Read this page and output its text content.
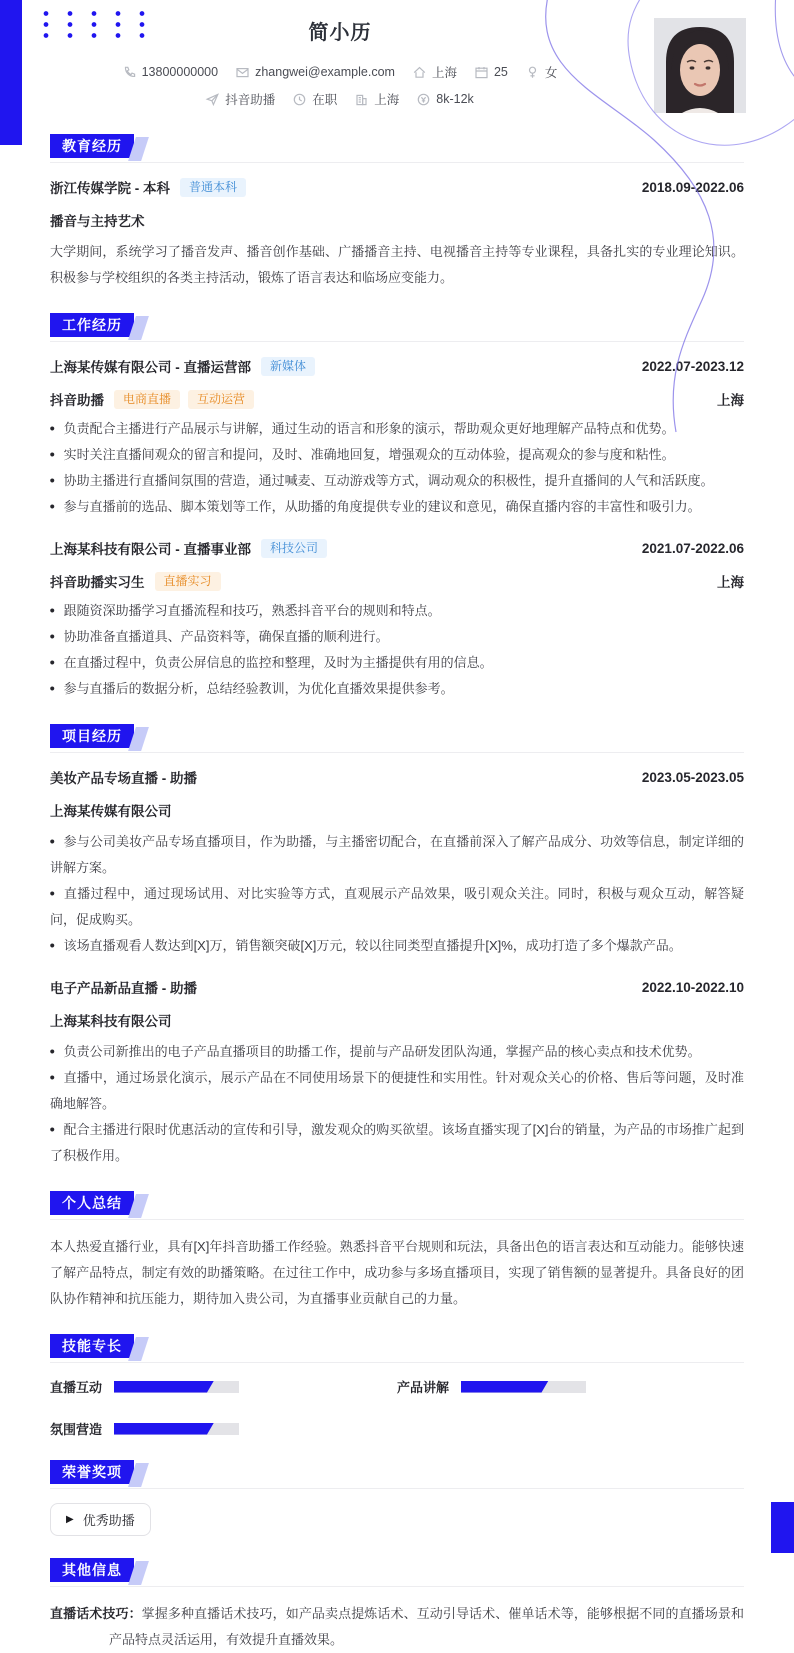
简小历
13800000000	zhangwei@example.com	上海	25	女
抖音助播	在职	上海	8k-12k
教育经历
浙江传媒学院 - 本科	普通本科	2018.09-2022.06
播音与主持艺术
大学期间，系统学习了播音发声、播音创作基础、广播播音主持、电视播音主持等专业课程，具备扎实的专业理论知识。积极参与学校组织的各类主持活动，锻炼了语言表达和临场应变能力。
工作经历
上海某传媒有限公司 - 直播运营部	新媒体	2022.07-2023.12
抖音助播	电商直播	互动运营	上海
• 负责配合主播进行产品展示与讲解，通过生动的语言和形象的演示，帮助观众更好地理解产品特点和优势。
• 实时关注直播间观众的留言和提问，及时、准确地回复，增强观众的互动体验，提高观众的参与度和粘性。
• 协助主播进行直播间氛围的营造，通过喊麦、互动游戏等方式，调动观众的积极性，提升直播间的人气和活跃度。
• 参与直播前的选品、脚本策划等工作，从助播的角度提供专业的建议和意见，确保直播内容的丰富性和吸引力。
上海某科技有限公司 - 直播事业部	科技公司	2021.07-2022.06
抖音助播实习生	直播实习	上海
• 跟随资深助播学习直播流程和技巧，熟悉抖音平台的规则和特点。
• 协助准备直播道具、产品资料等，确保直播的顺利进行。
• 在直播过程中，负责公屏信息的监控和整理，及时为主播提供有用的信息。
• 参与直播后的数据分析，总结经验教训，为优化直播效果提供参考。
项目经历
美妆产品专场直播 - 助播	2023.05-2023.05
上海某传媒有限公司
• 参与公司美妆产品专场直播项目，作为助播，与主播密切配合，在直播前深入了解产品成分、功效等信息，制定详细的讲解方案。
• 直播过程中，通过现场试用、对比实验等方式，直观展示产品效果，吸引观众关注。同时，积极与观众互动，解答疑问，促成购买。
• 该场直播观看人数达到[X]万，销售额突破[X]万元，较以往同类型直播提升[X]%，成功打造了多个爆款产品。
电子产品新品直播 - 助播	2022.10-2022.10
上海某科技有限公司
• 负责公司新推出的电子产品直播项目的助播工作，提前与产品研发团队沟通，掌握产品的核心卖点和技术优势。
• 直播中，通过场景化演示，展示产品在不同使用场景下的便捷性和实用性。针对观众关心的价格、售后等问题，及时准确地解答。
• 配合主播进行限时优惠活动的宣传和引导，激发观众的购买欲望。该场直播实现了[X]台的销量，为产品的市场推广起到了积极作用。
个人总结
本人热爱直播行业，具有[X]年抖音助播工作经验。熟悉抖音平台规则和玩法，具备出色的语言表达和互动能力。能够快速了解产品特点，制定有效的助播策略。在过往工作中，成功参与多场直播项目，实现了销售额的显著提升。具备良好的团队协作精神和抗压能力，期待加入贵公司，为直播事业贡献自己的力量。
技能专长
直播互动	产品讲解
氛围营造
荣誉奖项
▶ 优秀助播
其他信息
直播话术技巧：掌握多种直播话术技巧，如产品卖点提炼话术、互动引导话术、催单话术等，能够根据不同的直播场景和产品特点灵活运用，有效提升直播效果。
